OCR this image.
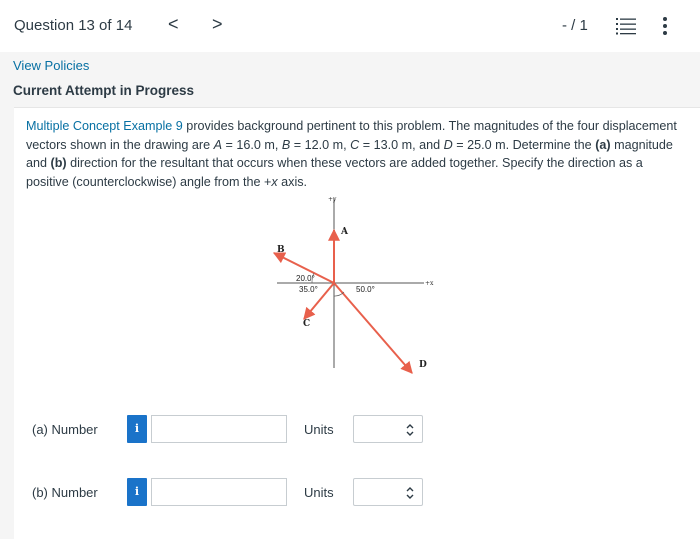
Question 13 of 14 < >	- / 1
View Policies
Current Attempt in Progress
Multiple Concept Example 9 provides background pertinent to this problem. The magnitudes of the four displacement vectors shown in the drawing are A = 16.0 m, B = 12.0 m, C = 13.0 m, and D = 25.0 m. Determine the (a) magnitude and (b) direction for the resultant that occurs when these vectors are added together. Specify the direction as a positive (counterclockwise) angle from the +x axis.
+y
+x
A
B
C
D
20.0°
35.0°	50.0°
(a) Number	i	Units
(b) Number	i	Units
